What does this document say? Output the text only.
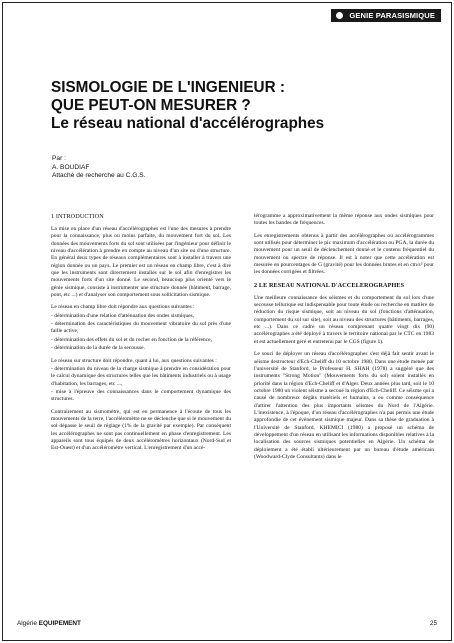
GENIE PARASISMIQUE
SISMOLOGIE DE L'INGENIEUR :
QUE PEUT-ON MESURER ?
Le réseau national d'accélérographes
Par :
A. BOUDIAF
Attaché de recherche au C.G.S.
1 INTRODUCTION

La mise en place d'un réseau d'accélérographes est l'une des mesures à prendre pour la connaissance, plus ou moins parfaite, du mouvement fort du sol. Les données des mouvements forts du sol sont utilisées par l'ingénieur pour définir le niveau d'accélération à prendre en compte au niveau d'un site ou d'une structure. En général deux types de réseaux complémentaires sont à installer à travers une région donnée ou un pays. Le premier est un réseau en champ libre, c'est à dire que les instruments sont directement installés sur le sol afin d'enregistrer les mouvements forts d'un site donné. Le second, beaucoup plus orienté vers le génie sismique, consiste à instrumenter une structure donnée (bâtiment, barrage, pont, etc ...) et d'analyser son comportement sous sollicitation sismique.

Le réseau en champ libre doit répondre aux questions suivantes :

- détermination d'une relation d'atténuation des ondes sismiques,

- détermination des caractéristiques du mouvement vibratoire du sol près d'une faille active,

- détermination des effets du sol et du rocher en fonction de la référence,

- détermination de la durée de la secousse.

Le réseau sur structure doit répondre, quant à lui, aux questions suivantes :

- détermination du niveau de la charge sismique à prendre en considération pour le calcul dynamique des structures telles que les bâtiments industriels ou à usage d'habitation, les barrages, etc ...,

- mise à l'épreuve des connaissances dans le comportement dynamique des structures.

Contrairement au sismomètre, qui est en permanence à l'écoute de tous les mouvements de la terre, l'accéléromètre ne se déclenche que si le mouvement du sol dépasse le seuil de réglage (1% de la gravité par exemple). Par conséquent les accélérographes ne sont pas continuellement en phase d'enregistrement. Les appareils sont tous équipés de deux accéléromètres horizontaux (Nord-Sud et Est-Ouest) et d'un accéléromètre vertical. L'enregistrement d'un accé-

lérogramme a approximativement la même réponse aux ondes sismiques pour toutes les bandes de fréquences.

Les enregistrements obtenus à partir des accélérographes ou accélérogrammes sont utilisés pour déterminer le pic maximum d'accélération ou PGA, la durée du mouvement pour un seuil de déclenchement donné et le contenu fréquentiel du mouvement ou spectre de réponse. Il est à noter que cette accélération est mesurée en pourcentages de G (gravité) pour les données brutes et en cm/s² pour les données corrigées et filtrées.

2 LE RESEAU NATIONAL D'ACCELEROGRAPHES

Une meilleure connaissance des séismes et du comportement du sol lors d'une secousse tellurique est indispensable pour toute étude ou recherche en matière de réduction du risque sismique, soit au niveau du sol (fonctions d'atténuation, comportement du sol sur site), soit au niveau des structures (bâtiments, barrages, etc ...). Dans ce cadre un réseau comprenant quatre vingt dix (90) accélérographes a été déployé à travers le territoire national par le CTC en 1983 et est actuellement géré et entretenu par le CGS (figure 1).

Le souci de déployer un réseau d'accélérographes s'est déjà fait sentir avant le séisme destructeur d'Ech-Cheliff du 10 octobre 1980. Dans une étude menée par l'université de Stanford, le Professeur H. SHAH (1978) a suggéré que des instruments "Strong Motion" (Mouvements forts du sol) soient installés en priorité dans la région d'Ech-Cheliff et d'Alger. Deux années plus tard, soit le 10 octobre 1980 un violent séisme a secoué la région d'Ech-Cheliff. Ce séisme qui a causé de nombreux dégâts matériels et humains, a eu comme conséquence d'attirer l'attention des plus importants séismes du Nord de l'Algérie. L'inexistence, à l'époque, d'un réseau d'accélérographes n'a pas permis une étude approfondie de cet évènement sismique majeur. Dans sa thèse de graduation à l'Université de Stanford, KHEMICI (1980) a proposé un schéma de développement d'un réseau en utilisant les informations disponibles relatives à la localisation des sources sismiques potentielles en Algérie. Un schéma de déploiement a été établi ultérieurement par un bureau d'étude américain (Woodward-Clyde Consultants) dans le

Algérie EQUIPEMENT	25
